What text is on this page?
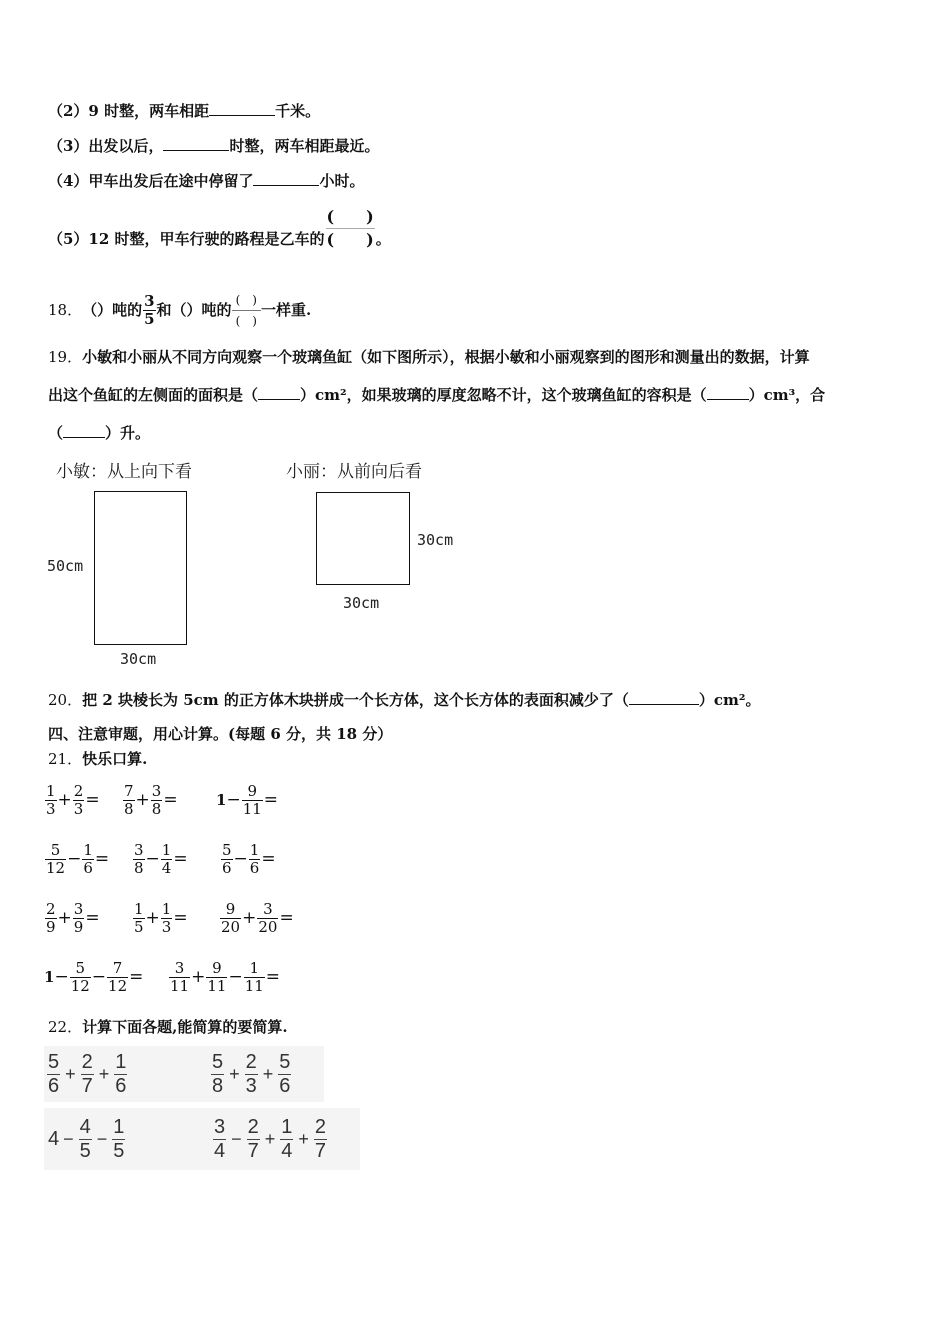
（2）9 时整，两车相距	千米。
（3）出发以后，	时整，两车相距最近。
（4）甲车出发后在途中停留了	小时。
（5）12 时整，甲车行驶的路程是乙车的
(　　)
(　　) 。
18． （）吨的 $\frac{3}{5}$ 和（）吨的
(　)
(　)
一样重.
19．小敏和小丽从不同方向观察一个玻璃鱼缸（如下图所示），根据小敏和小丽观察到的图形和测量出的数据，计算
出这个鱼缸的左侧面的面积是（	）cm²，如果玻璃的厚度忽略不计，这个玻璃鱼缸的容积是（	）cm³，合
（	）升。
小敏：从上向下看	小丽：从前向后看
50cm
30cm
30cm
30cm
20．把 2 块棱长为 5cm 的正方体木块拼成一个长方体，这个长方体的表面积减少了（	）cm²。
四、注意审题，用心计算。(每题 6 分，共 18 分）
21．快乐口算.
$\frac{1}{3} + \frac{2}{3} = \frac{7}{8} + \frac{3}{8}$ =	$1 - \frac{9}{11}$ =
$\frac{5}{12} - \frac{1}{6} = \frac{3}{8} - \frac{1}{4} = \frac{5}{6} - \frac{1}{6}$ =
$\frac{2}{9} + \frac{3}{9} = \frac{1}{5} + \frac{1}{3} = \frac{9}{20} + \frac{3}{20}$ =
$1 - \frac{5}{12} - \frac{7}{12} = \frac{3}{11} + \frac{9}{11} - \frac{1}{11}$ =
22．计算下面各题,能简算的要简算.
$\frac{5}{6} + \frac{2}{7} + \frac{1}{6}$	$\frac{5}{8} + \frac{2}{3} + \frac{5}{6}$
$4 - \frac{4}{5} - \frac{1}{5}$	$\frac{3}{4} - \frac{2}{7} + \frac{1}{4} + \frac{2}{7}$
